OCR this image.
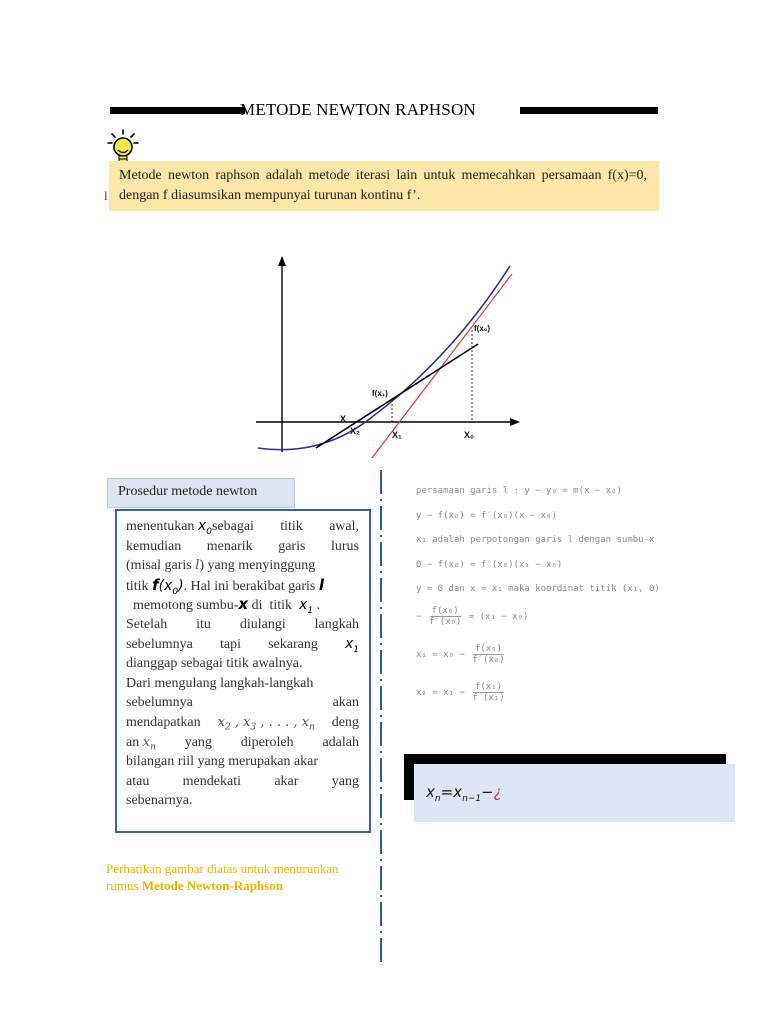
METODE NEWTON RAPHSON
l
Metode newton raphson adalah metode iterasi lain untuk memecahkan persamaan f(x)=0, dengan f diasumsikan mempunyai turunan kontinu f’.
f(x₀)
f(x₁)
X
X₂	X₁	X₀
Prosedur metode newton
menentukan $x_0sebagai$ titik awal,
kemudian menarik garis lurus
(misal garis l) yang menyinggung
titik $f(x_0)$. Hal ini berakibat garis l
memotong sumbu-x di titik $x_1$ .
Setelah itu diulangi langkah
sebelumnya tapi sekarang $x_1$
dianggap sebagai titik awalnya.
Dari mengulang langkah-langkah
sebelumnya	akan
mendapatkan $x_2$ , $x_3$ , . . . , $x_n$ deng
an $x_n$ yang diperoleh adalah
bilangan riil yang merupakan akar
atau mendekati akar yang
sebenarnya.
Perhatikan gambar diatas untuk menurunkan
rumus Metode Newton-Raphson
persamaan garis l : y − y₀ = m(x − x₀)
y − f(x₀) = f′(x₀)(x − x₀)
x₁ adalah perpotongan garis l dengan sumbu-x
0 − f(x₀) = f′(x₀)(x₁ − x₀)
y = 0 dan x = x₁ maka koordinat titik (x₁, 0)
− $\frac{\text{f(x₀)}}{\text{f′(x₀)}} = (x_1 - x_0)$
$x_1 = x_0 - \frac{\text{f(x₀)}}{\text{f′(x₀)}}$
$x_2 = x_1 - \frac{\text{f(x₁)}}{\text{f′(x₁)}}$
$x_n=x_{n-1}-¿$
